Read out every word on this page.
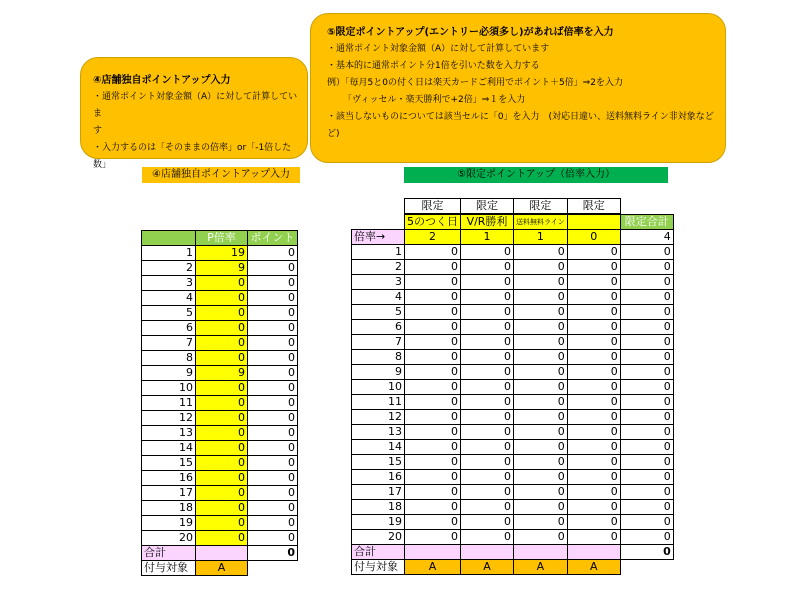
④店舗独自ポイントアップ入力
・通常ポイント対象金額（A）に対して計算していま
す
・入力するのは「そのままの倍率」or「-1倍した数」
⑤限定ポイントアップ(エントリー必須多し)があれば倍率を入力
・通常ポイント対象金額（A）に対して計算しています
・基本的に通常ポイント分1倍を引いた数を入力する
例）「毎月5と0の付く日は楽天カードご利用でポイント＋5倍」⇒2を入力
「ヴィッセル・楽天勝利で+2倍」⇒１を入力
・該当しないものについては該当セルに「0」を入力　(対応日違い、送料無料ライン非対象など
ど)
④店舗独自ポイントアップ入力	⑤限定ポイントアップ（倍率入力）
	P倍率	ポイント
1	19	0
2	9	0
3	0	0
4	0	0
5	0	0
6	0	0
7	0	0
8	0	0
9	9	0
10	0	0
11	0	0
12	0	0
13	0	0
14	0	0
15	0	0
16	0	0
17	0	0
18	0	0
19	0	0
20	0	0
合計		0
付与対象	A	
	限定	限定	限定	限定	
	5のつく日	V/R勝利	送料無料ライン		限定合計
倍率→	2	1	1	0	4
1	0	0	0	0	0
2	0	0	0	0	0
3	0	0	0	0	0
4	0	0	0	0	0
5	0	0	0	0	0
6	0	0	0	0	0
7	0	0	0	0	0
8	0	0	0	0	0
9	0	0	0	0	0
10	0	0	0	0	0
11	0	0	0	0	0
12	0	0	0	0	0
13	0	0	0	0	0
14	0	0	0	0	0
15	0	0	0	0	0
16	0	0	0	0	0
17	0	0	0	0	0
18	0	0	0	0	0
19	0	0	0	0	0
20	0	0	0	0	0
合計					0
付与対象	A	A	A	A	
